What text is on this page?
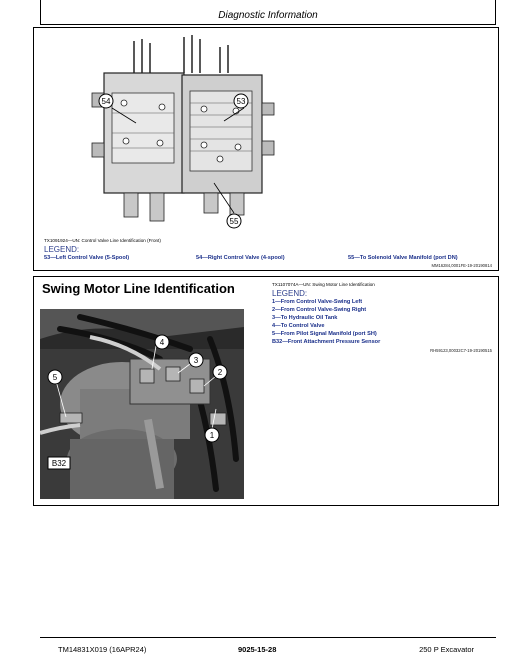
Diagnostic Information
54	53
55
TX1091924—UN: Control Valve Line Identification (Front)
LEGEND:
53—Left Control Valve (5-Spool)	54—Right Control Valve (4-spool)	55—To Solenoid Valve Manifold (port DN)
MM16284,0001FE-19-20190814
Swing Motor Line Identification	TX1107074A—UN: Swing Motor Line Identification
LEGEND:
1—From Control Valve-Swing Left
2—From Control Valve-Swing Right
3—To Hydraulic Oil Tank
4—To Control Valve
5—From Pilot Signal Manifold (port SH)
B32—Front Attachment Pressure Sensor
RH59123,00032C7-19-20190515
4
3
2
5
1
B32
TM14831X019 (16APR24)	9025-15-28	250 P Excavator
